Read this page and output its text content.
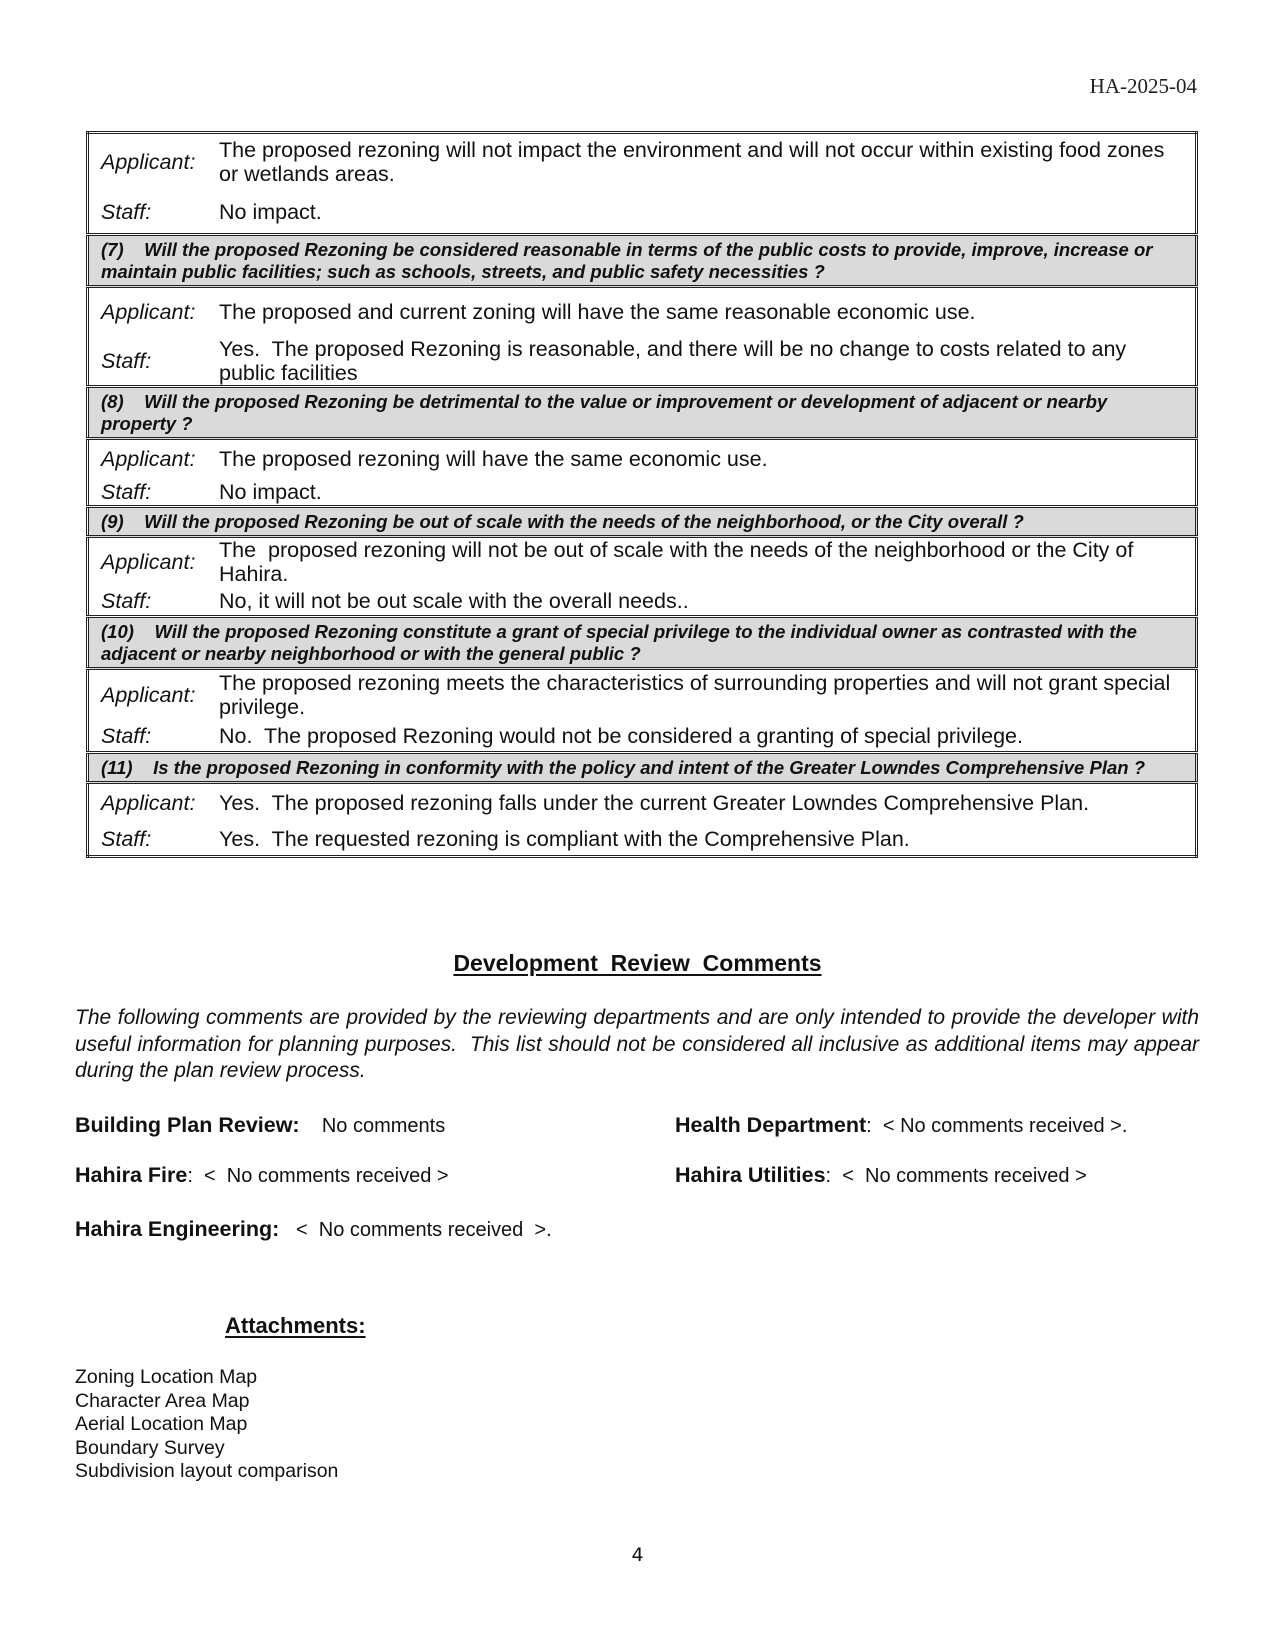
HA-2025-04
Applicant:	The proposed rezoning will not impact the environment and will not occur within existing food zones or wetlands areas.
Staff:	No impact.
(7)    Will the proposed Rezoning be considered reasonable in terms of the public costs to provide, improve, increase or maintain public facilities; such as schools, streets, and public safety necessities ?	
Applicant:	The proposed and current zoning will have the same reasonable economic use.
Staff:	Yes.  The proposed Rezoning is reasonable, and there will be no change to costs related to any public facilities
(8)    Will the proposed Rezoning be detrimental to the value or improvement or development of adjacent or nearby property ?	
Applicant:	The proposed rezoning will have the same economic use.
Staff:	No impact.
(9)    Will the proposed Rezoning be out of scale with the needs of the neighborhood, or the City overall ?	
Applicant:	The  proposed rezoning will not be out of scale with the needs of the neighborhood or the City of Hahira.
Staff:	No, it will not be out scale with the overall needs..
(10)    Will the proposed Rezoning constitute a grant of special privilege to the individual owner as contrasted with the adjacent or nearby neighborhood or with the general public ?	
Applicant:	The proposed rezoning meets the characteristics of surrounding properties and will not grant special privilege.
Staff:	No.  The proposed Rezoning would not be considered a granting of special privilege.
(11)    Is the proposed Rezoning in conformity with the policy and intent of the Greater Lowndes Comprehensive Plan ?	
Applicant:	Yes.  The proposed rezoning falls under the current Greater Lowndes Comprehensive Plan.
Staff:	Yes.  The requested rezoning is compliant with the Comprehensive Plan.
Development  Review  Comments
The following comments are provided by the reviewing departments and are only intended to provide the developer with useful information for planning purposes.  This list should not be considered all inclusive as additional items may appear during the plan review process.
Building Plan Review: No comments	Health Department:  < No comments received >.
Hahira Fire:  <  No comments received >	Hahira Utilities:  <  No comments received >
Hahira Engineering: <  No comments received  >.
Attachments:
Zoning Location Map
Character Area Map
Aerial Location Map
Boundary Survey
Subdivision layout comparison
4
